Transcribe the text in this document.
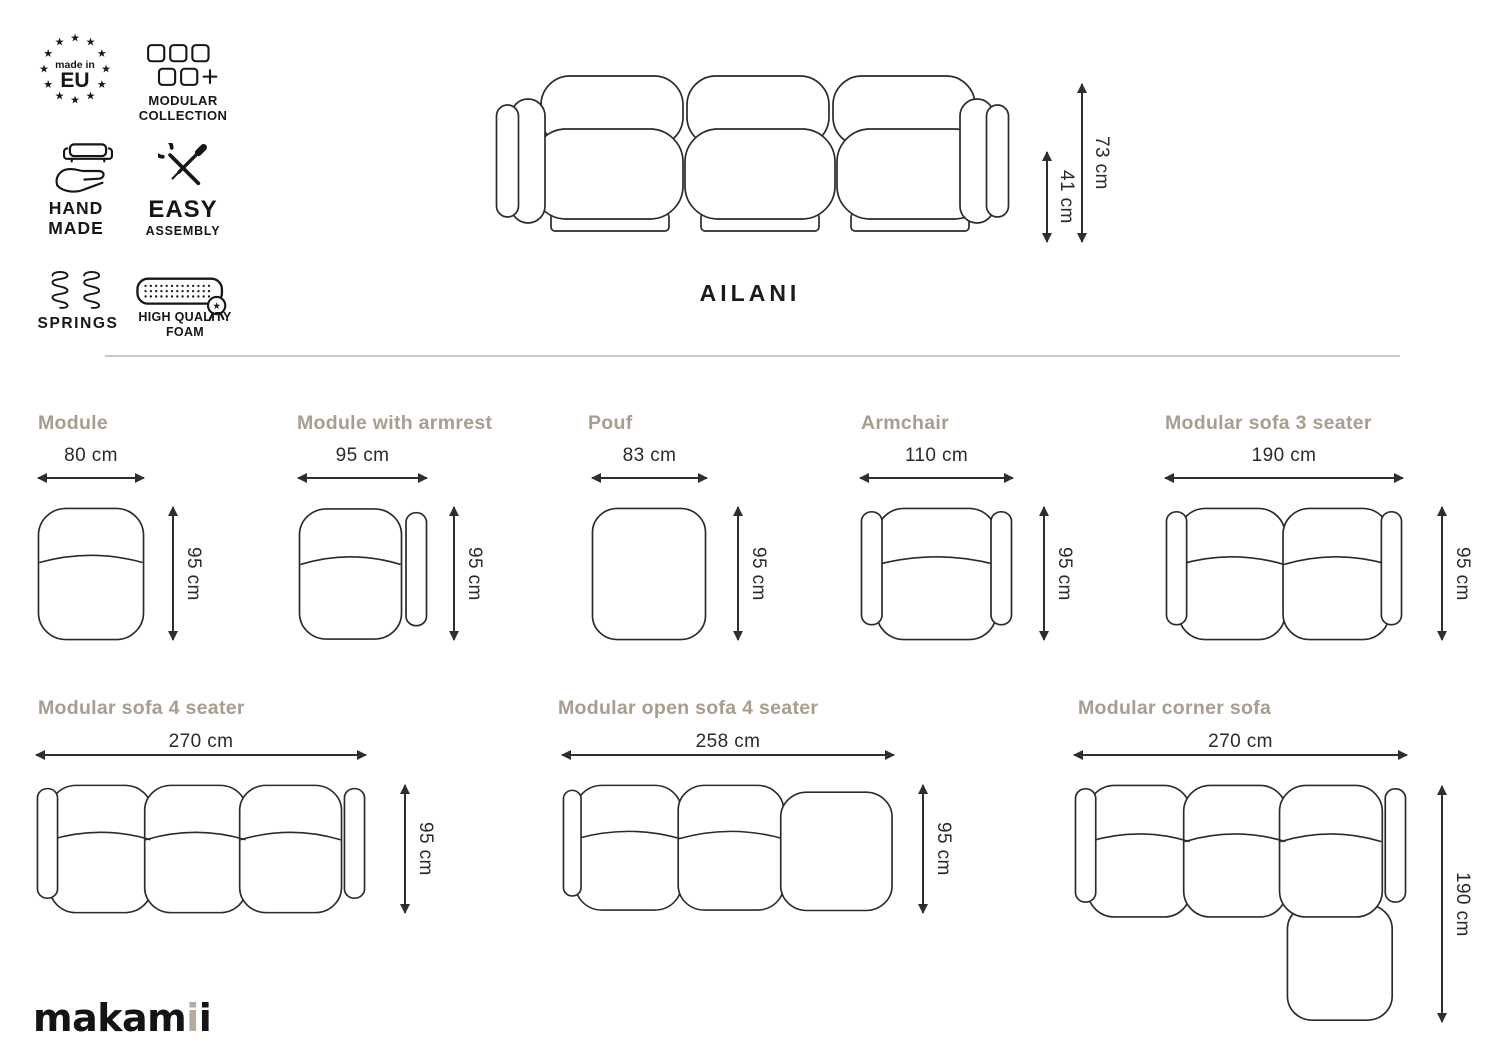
★ ★
★
★
★
★
★
★
★
★
★
★
made in
EU
MODULAR
COLLECTION
HAND
MADE
EASY
ASSEMBLY
SPRINGS
★
HIGH QUALITY
FOAM
41 cm
73 cm
AILANI
Module
80 cm
95 cm
Module with armrest
95 cm
95 cm
Pouf
83 cm
95 cm
Armchair
110 cm
95 cm
Modular sofa 3 seater
190 cm
95 cm
Modular sofa 4 seater
270 cm
95 cm
Modular open sofa 4 seater
258 cm
95 cm
Modular corner sofa
270 cm
190 cm
makamii
